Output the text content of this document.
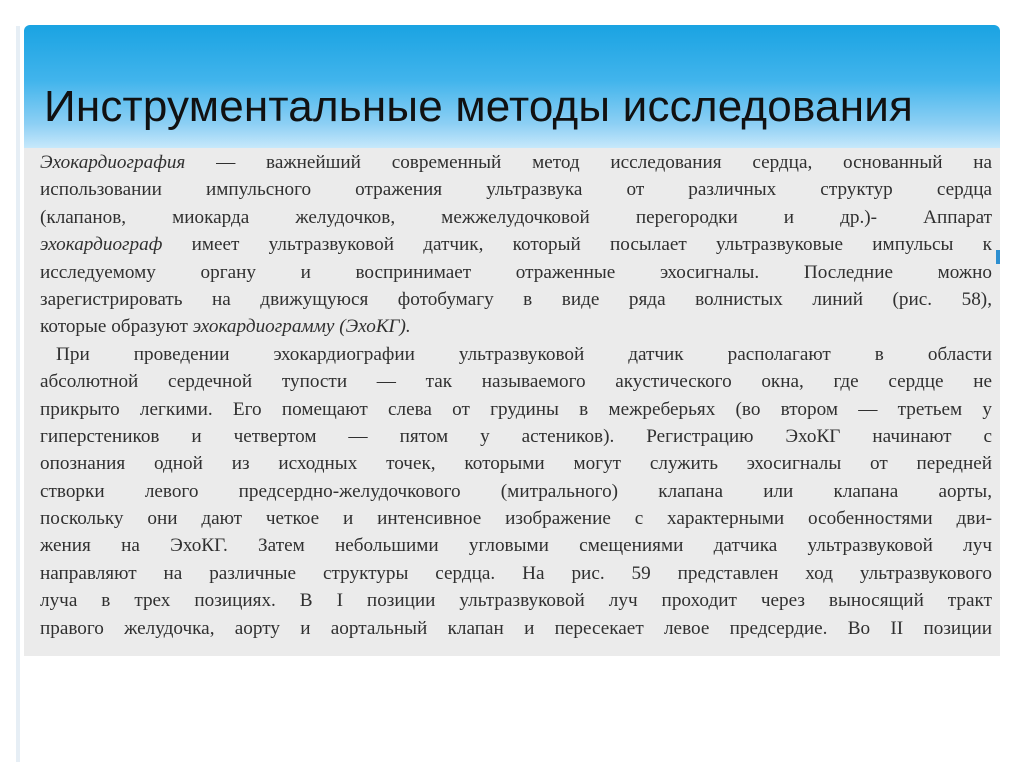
Инструментальные методы исследования

Эхокардиография — важнейший современный метод исследования сердца, основанный на
использовании импульсного отражения ультразвука от различных структур сердца
(клапанов, миокарда желудочков, межжелудочковой перегородки и др.)- Аппарат
эхокардиограф имеет ультразвуковой датчик, который посылает ультразвуковые импульсы к
исследуемому органу и воспринимает отраженные эхосигналы. Последние можно
зарегистрировать на движущуюся фотобумагу в виде ряда волнистых линий (рис. 58),
которые образуют эхокардиограмму (ЭхоКГ).

При проведении эхокардиографии ультразвуковой датчик располагают в области
абсолютной сердечной тупости — так называемого акустического окна, где сердце не
прикрыто легкими. Его помещают слева от грудины в межреберьях (во втором — третьем у
гиперстеников и четвертом — пятом у астеников). Регистрацию ЭхоКГ начинают с
опознания одной из исходных точек, которыми могут служить эхосигналы от передней
створки левого предсердно-желудочкового (митрального) клапана или клапана аорты,
поскольку они дают четкое и интенсивное изображение с характерными особенностями дви-
жения на ЭхоКГ. Затем небольшими угловыми смещениями датчика ультразвуковой луч
направляют на различные структуры сердца. На рис. 59 представлен ход ультразвукового
луча в трех позициях. В I позиции ультразвуковой луч проходит через выносящий тракт
правого желудочка, аорту и аортальный клапан и пересекает левое предсердие. Во II позиции
